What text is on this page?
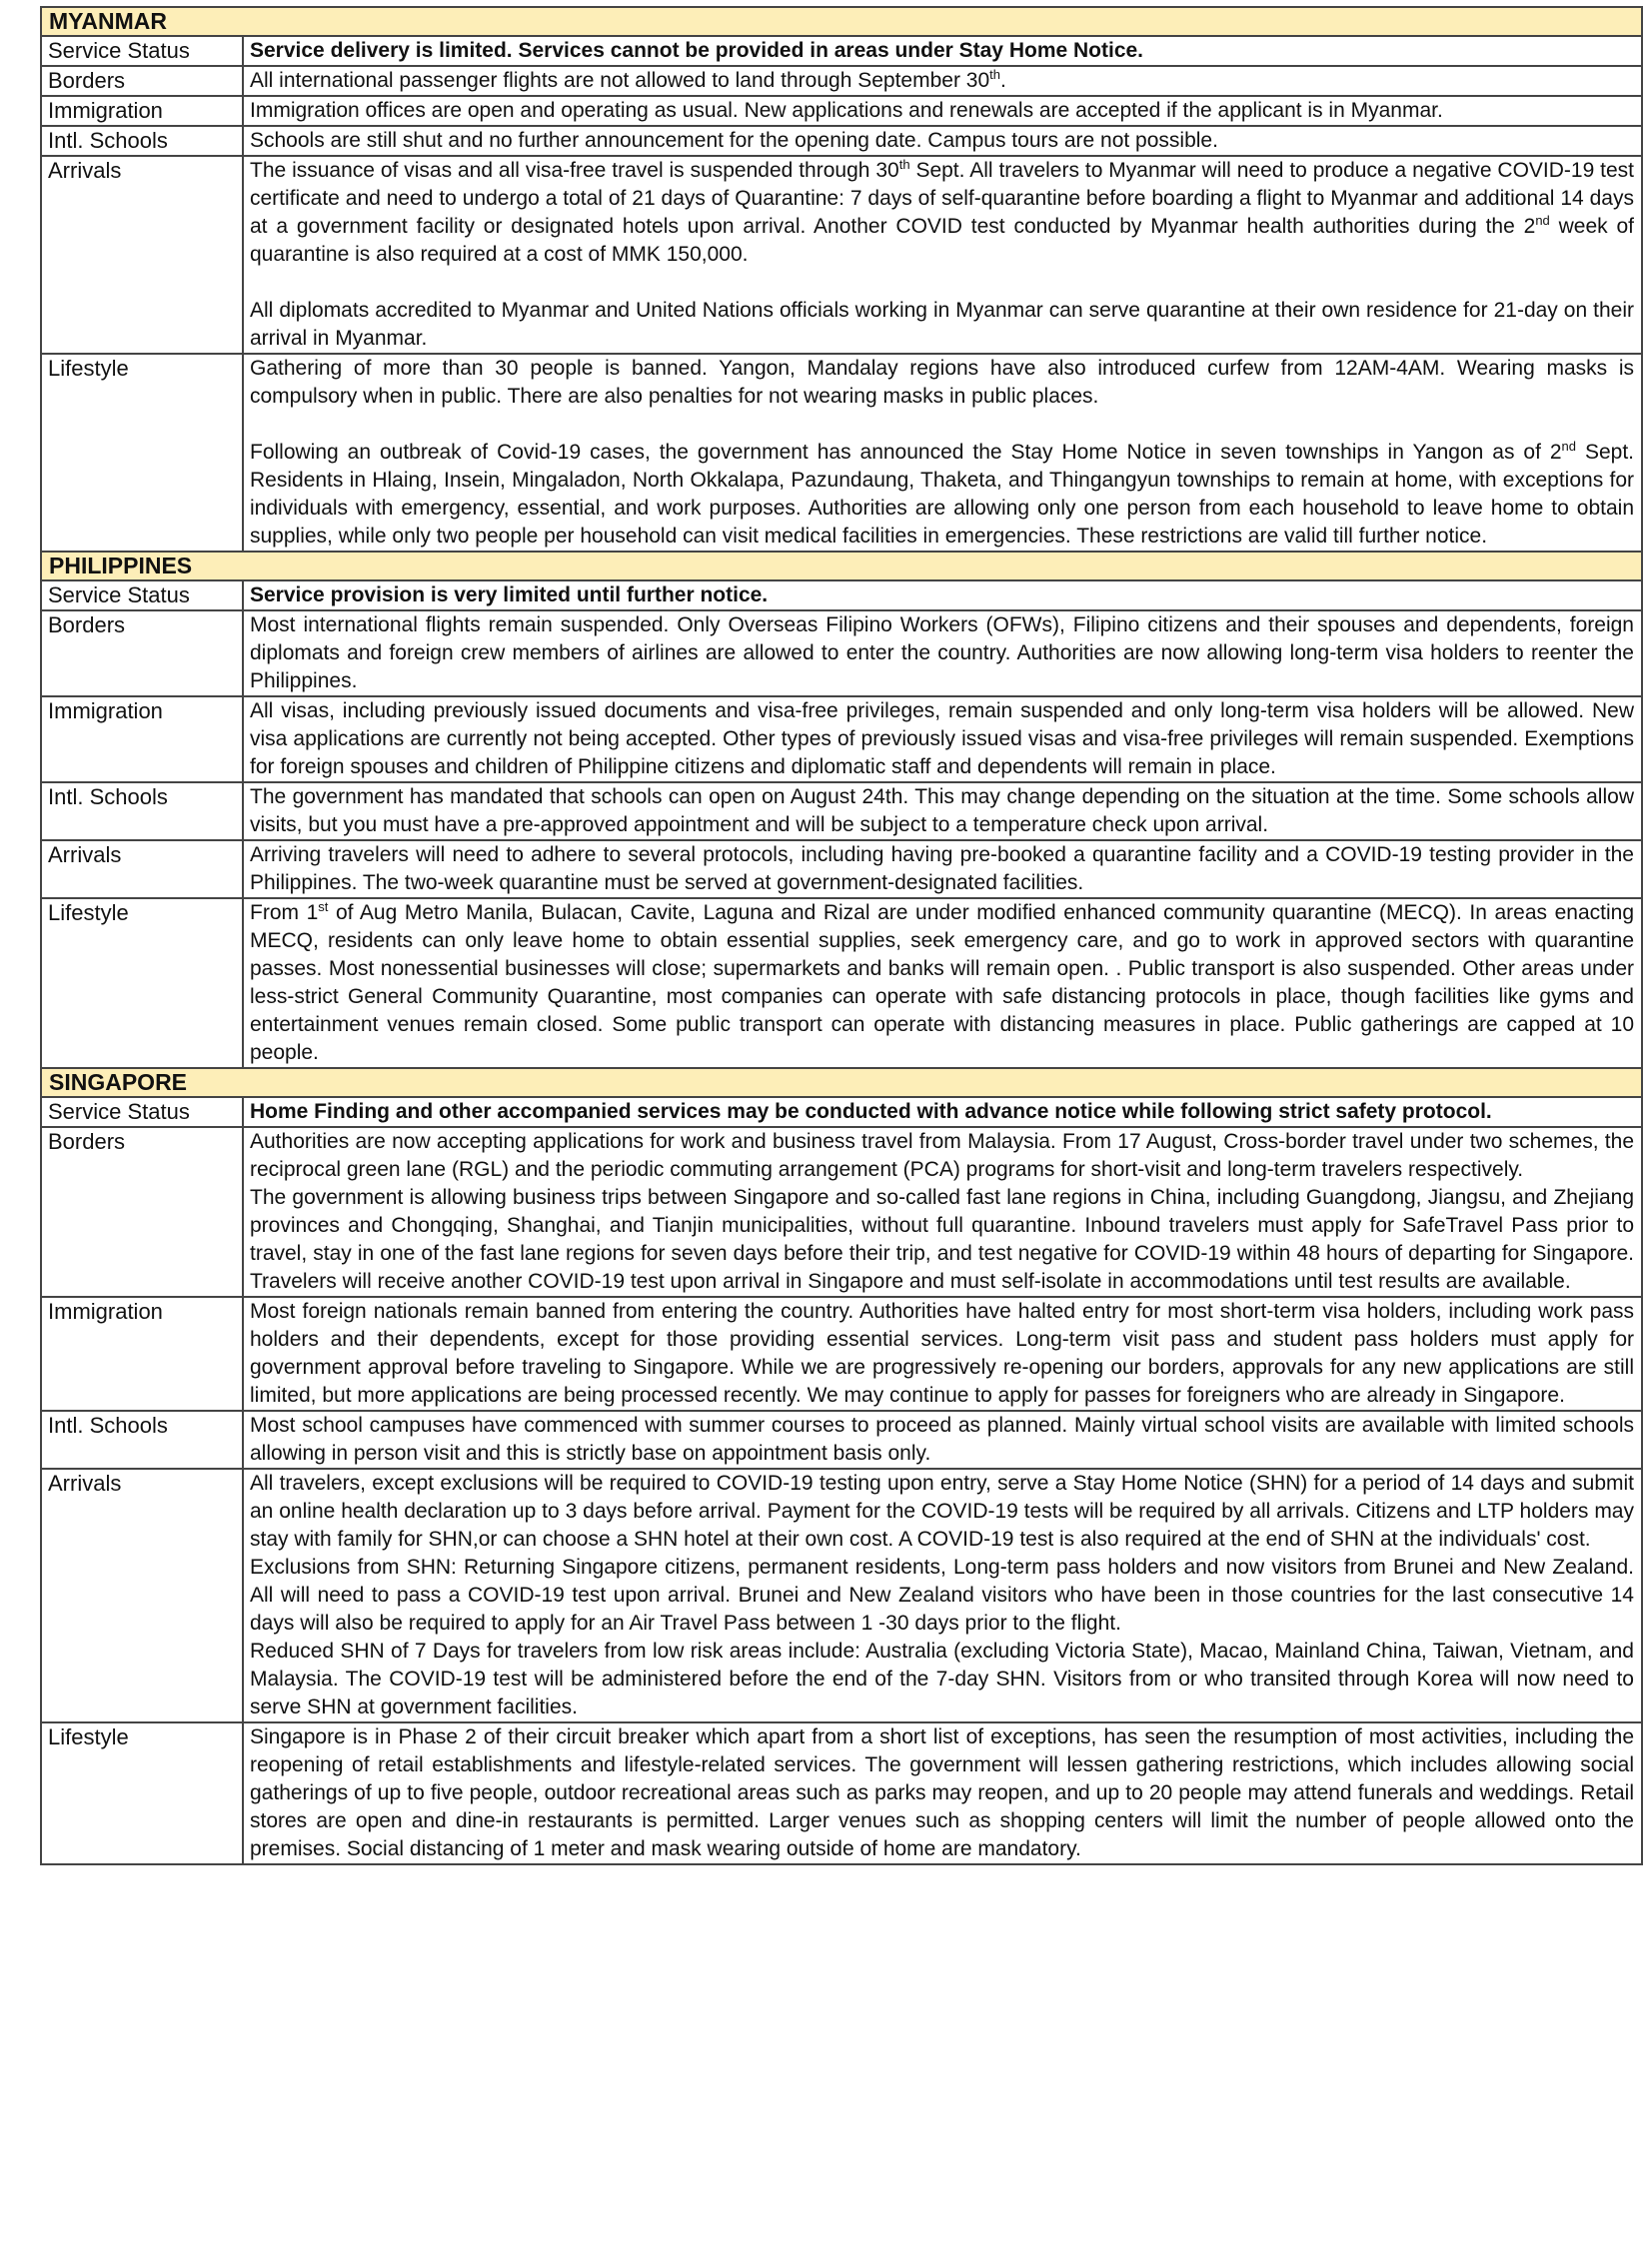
MYANMAR	
Service Status	Service delivery is limited. Services cannot be provided in areas under Stay Home Notice.

Borders	All international passenger flights are not allowed to land through September 30th.

Immigration	Immigration offices are open and operating as usual. New applications and renewals are accepted if the applicant is in Myanmar.

Intl. Schools	Schools are still shut and no further announcement for the opening date. Campus tours are not possible.

Arrivals	The issuance of visas and all visa-free travel is suspended through 30th Sept. All travelers to Myanmar will need to produce a negative COVID-19 test certificate and need to undergo a total of 21 days of Quarantine: 7 days of self-quarantine before boarding a flight to Myanmar and additional 14 days at a government facility or designated hotels upon arrival. Another COVID test conducted by Myanmar health authorities during the 2nd week of quarantine is also required at a cost of MMK 150,000.
All diplomats accredited to Myanmar and United Nations officials working in Myanmar can serve quarantine at their own residence for 21-day on their arrival in Myanmar.

Lifestyle	Gathering of more than 30 people is banned. Yangon, Mandalay regions have also introduced curfew from 12AM-4AM. Wearing masks is compulsory when in public. There are also penalties for not wearing masks in public places.
Following an outbreak of Covid-19 cases, the government has announced the Stay Home Notice in seven townships in Yangon as of 2nd Sept. Residents in Hlaing, Insein, Mingaladon, North Okkalapa, Pazundaung, Thaketa, and Thingangyun townships to remain at home, with exceptions for individuals with emergency, essential, and work purposes. Authorities are allowing only one person from each household to leave home to obtain supplies, while only two people per household can visit medical facilities in emergencies. These restrictions are valid till further notice.

PHILIPPINES	
Service Status	Service provision is very limited until further notice.

Borders	Most international flights remain suspended. Only Overseas Filipino Workers (OFWs), Filipino citizens and their spouses and dependents, foreign diplomats and foreign crew members of airlines are allowed to enter the country. Authorities are now allowing long-term visa holders to reenter the Philippines.

Immigration	All visas, including previously issued documents and visa-free privileges, remain suspended and only long-term visa holders will be allowed. New visa applications are currently not being accepted. Other types of previously issued visas and visa-free privileges will remain suspended. Exemptions for foreign spouses and children of Philippine citizens and diplomatic staff and dependents will remain in place.

Intl. Schools	The government has mandated that schools can open on August 24th. This may change depending on the situation at the time. Some schools allow visits, but you must have a pre-approved appointment and will be subject to a temperature check upon arrival.

Arrivals	Arriving travelers will need to adhere to several protocols, including having pre-booked a quarantine facility and a COVID-19 testing provider in the Philippines. The two-week quarantine must be served at government-designated facilities.

Lifestyle	From 1st of Aug Metro Manila, Bulacan, Cavite, Laguna and Rizal are under modified enhanced community quarantine (MECQ). In areas enacting MECQ, residents can only leave home to obtain essential supplies, seek emergency care, and go to work in approved sectors with quarantine passes. Most nonessential businesses will close; supermarkets and banks will remain open. . Public transport is also suspended. Other areas under less-strict General Community Quarantine, most companies can operate with safe distancing protocols in place, though facilities like gyms and entertainment venues remain closed. Some public transport can operate with distancing measures in place. Public gatherings are capped at 10 people.

SINGAPORE	
Service Status	Home Finding and other accompanied services may be conducted with advance notice while following strict safety protocol.

Borders	Authorities are now accepting applications for work and business travel from Malaysia. From 17 August, Cross-border travel under two schemes, the reciprocal green lane (RGL) and the periodic commuting arrangement (PCA) programs for short-visit and long-term travelers respectively.
The government is allowing business trips between Singapore and so-called fast lane regions in China, including Guangdong, Jiangsu, and Zhejiang provinces and Chongqing, Shanghai, and Tianjin municipalities, without full quarantine. Inbound travelers must apply for SafeTravel Pass prior to travel, stay in one of the fast lane regions for seven days before their trip, and test negative for COVID-19 within 48 hours of departing for Singapore. Travelers will receive another COVID-19 test upon arrival in Singapore and must self-isolate in accommodations until test results are available.

Immigration	Most foreign nationals remain banned from entering the country. Authorities have halted entry for most short-term visa holders, including work pass holders and their dependents, except for those providing essential services. Long-term visit pass and student pass holders must apply for government approval before traveling to Singapore. While we are progressively re-opening our borders, approvals for any new applications are still limited, but more applications are being processed recently. We may continue to apply for passes for foreigners who are already in Singapore.

Intl. Schools	Most school campuses have commenced with summer courses to proceed as planned. Mainly virtual school visits are available with limited schools allowing in person visit and this is strictly base on appointment basis only.

Arrivals	All travelers, except exclusions will be required to COVID-19 testing upon entry, serve a Stay Home Notice (SHN) for a period of 14 days and submit an online health declaration up to 3 days before arrival. Payment for the COVID-19 tests will be required by all arrivals. Citizens and LTP holders may stay with family for SHN,or can choose a SHN hotel at their own cost. A COVID-19 test is also required at the end of SHN at the individuals' cost.
Exclusions from SHN: Returning Singapore citizens, permanent residents, Long-term pass holders and now visitors from Brunei and New Zealand. All will need to pass a COVID-19 test upon arrival. Brunei and New Zealand visitors who have been in those countries for the last consecutive 14 days will also be required to apply for an Air Travel Pass between 1 -30 days prior to the flight.
Reduced SHN of 7 Days for travelers from low risk areas include: Australia (excluding Victoria State), Macao, Mainland China, Taiwan, Vietnam, and Malaysia. The COVID-19 test will be administered before the end of the 7-day SHN. Visitors from or who transited through Korea will now need to serve SHN at government facilities.

Lifestyle	Singapore is in Phase 2 of their circuit breaker which apart from a short list of exceptions, has seen the resumption of most activities, including the reopening of retail establishments and lifestyle-related services. The government will lessen gathering restrictions, which includes allowing social gatherings of up to five people, outdoor recreational areas such as parks may reopen, and up to 20 people may attend funerals and weddings. Retail stores are open and dine-in restaurants is permitted. Larger venues such as shopping centers will limit the number of people allowed onto the premises. Social distancing of 1 meter and mask wearing outside of home are mandatory.
